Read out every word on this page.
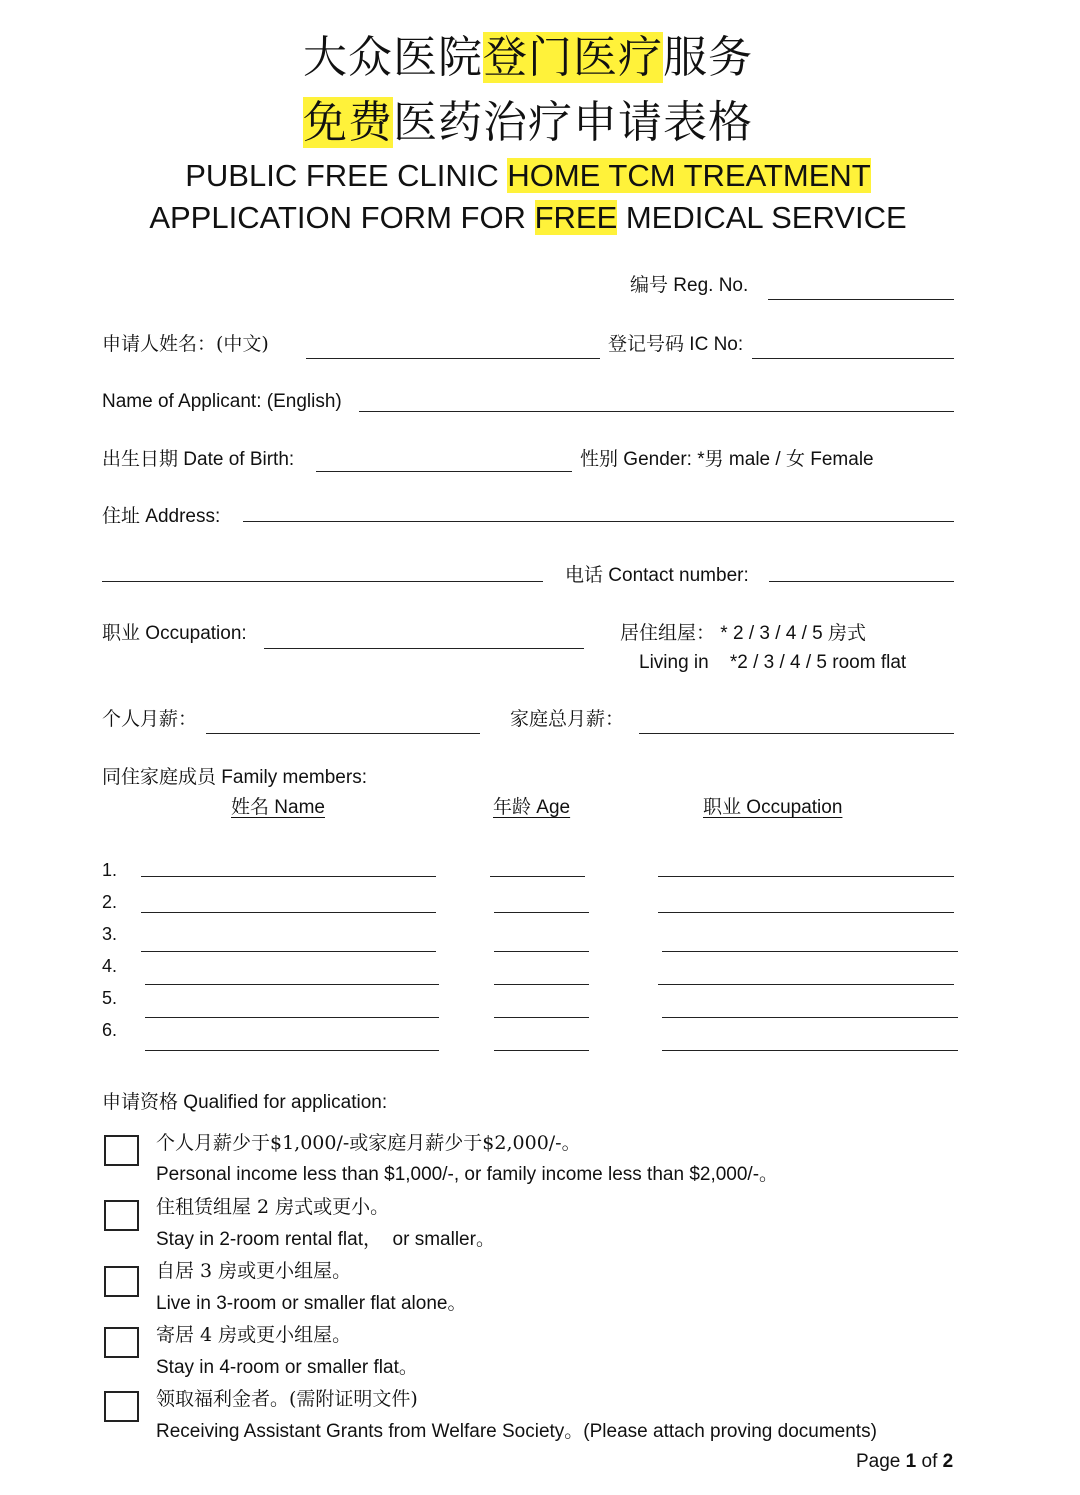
大众医院登门医疗服务
免费医药治疗申请表格
PUBLIC FREE CLINIC HOME TCM TREATMENT
APPLICATION FORM FOR FREE MEDICAL SERVICE
编号 Reg. No.
申请人姓名：(中文)	登记号码 IC No:
Name of Applicant: (English)
出生日期 Date of Birth:	性别 Gender: *男 male / 女 Female
住址 Address:
电话 Contact number:
职业 Occupation:	居住组屋： * 2 / 3 / 4 / 5 房式
Living in    *2 / 3 / 4 / 5 room flat
个人月薪：	家庭总月薪：
同住家庭成员 Family members:
姓名 Name	年龄 Age	职业 Occupation
1.
2.
3.
4.
5.
6.
申请资格 Qualified for application:
个人月薪少于$1,000/-或家庭月薪少于$2,000/-。
Personal income less than $1,000/-, or family income less than $2,000/-。
住租赁组屋 2 房式或更小。
Stay in 2-room rental flat，  or smaller。
自居 3 房或更小组屋。
Live in 3-room or smaller flat alone。
寄居 4 房或更小组屋。
Stay in 4-room or smaller flat。
领取福利金者。(需附证明文件)
Receiving Assistant Grants from Welfare Society。(Please attach proving documents)
Page 1 of 2
